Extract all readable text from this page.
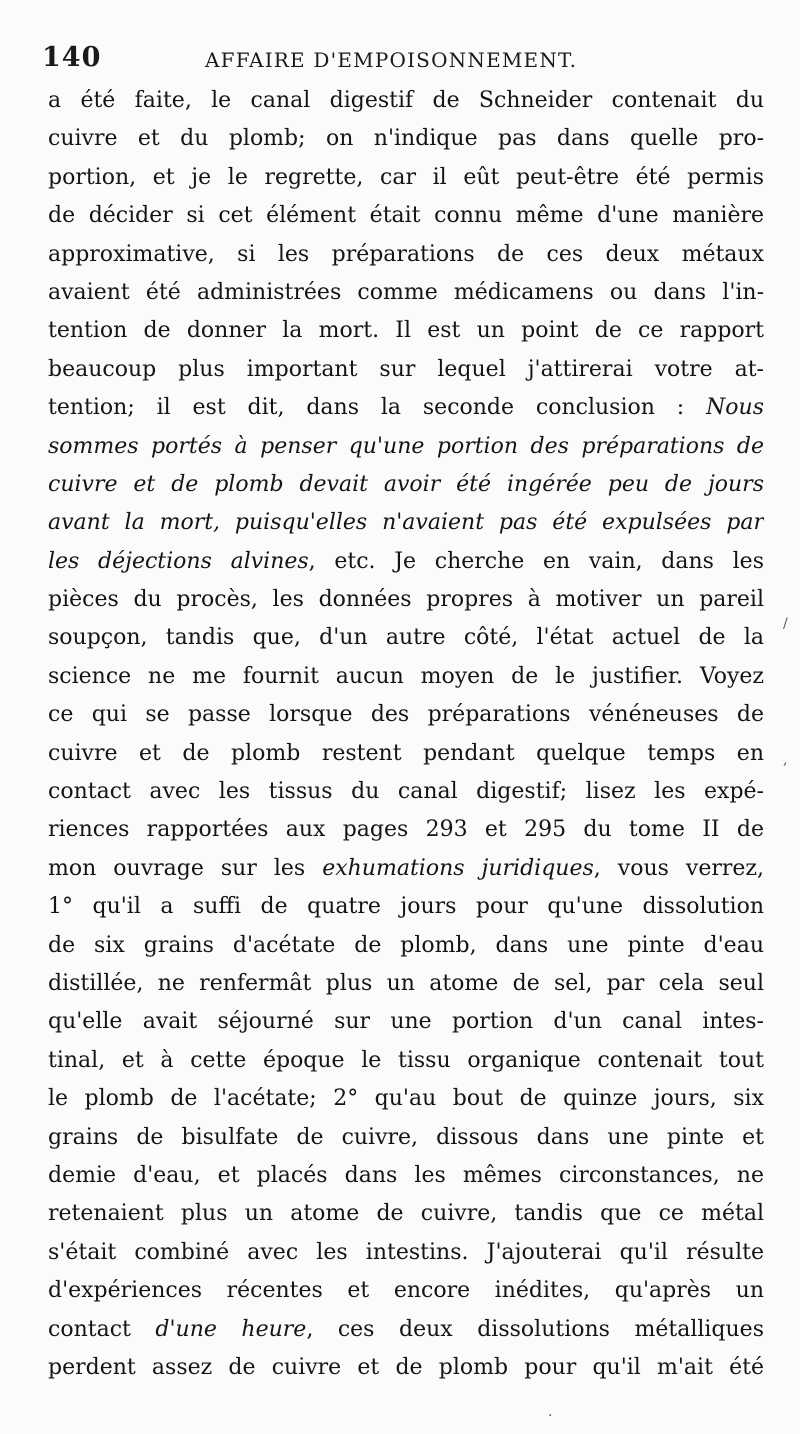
140	AFFAIRE D'EMPOISONNEMENT.
a été faite, le canal digestif de Schneider contenait du
cuivre et du plomb; on n'indique pas dans quelle pro-
portion, et je le regrette, car il eût peut-être été permis
de décider si cet élément était connu même d'une manière
approximative, si les préparations de ces deux métaux
avaient été administrées comme médicamens ou dans l'in-
tention de donner la mort. Il est un point de ce rapport
beaucoup plus important sur lequel j'attirerai votre at-
tention; il est dit, dans la seconde conclusion : Nous
sommes portés à penser qu'une portion des préparations de
cuivre et de plomb devait avoir été ingérée peu de jours
avant la mort, puisqu'elles n'avaient pas été expulsées par
les déjections alvines, etc. Je cherche en vain, dans les
pièces du procès, les données propres à motiver un pareil
soupçon, tandis que, d'un autre côté, l'état actuel de la
science ne me fournit aucun moyen de le justifier. Voyez
ce qui se passe lorsque des préparations vénéneuses de
cuivre et de plomb restent pendant quelque temps en
contact avec les tissus du canal digestif; lisez les expé-
riences rapportées aux pages 293 et 295 du tome II de
mon ouvrage sur les exhumations juridiques, vous verrez,
1° qu'il a suffi de quatre jours pour qu'une dissolution
de six grains d'acétate de plomb, dans une pinte d'eau
distillée, ne renfermât plus un atome de sel, par cela seul
qu'elle avait séjourné sur une portion d'un canal intes-
tinal, et à cette époque le tissu organique contenait tout
le plomb de l'acétate; 2° qu'au bout de quinze jours, six
grains de bisulfate de cuivre, dissous dans une pinte et
demie d'eau, et placés dans les mêmes circonstances, ne
retenaient plus un atome de cuivre, tandis que ce métal
s'était combiné avec les intestins. J'ajouterai qu'il résulte
d'expériences récentes et encore inédites, qu'après un
contact d'une heure, ces deux dissolutions métalliques
perdent assez de cuivre et de plomb pour qu'il m'ait été
/
,
·
